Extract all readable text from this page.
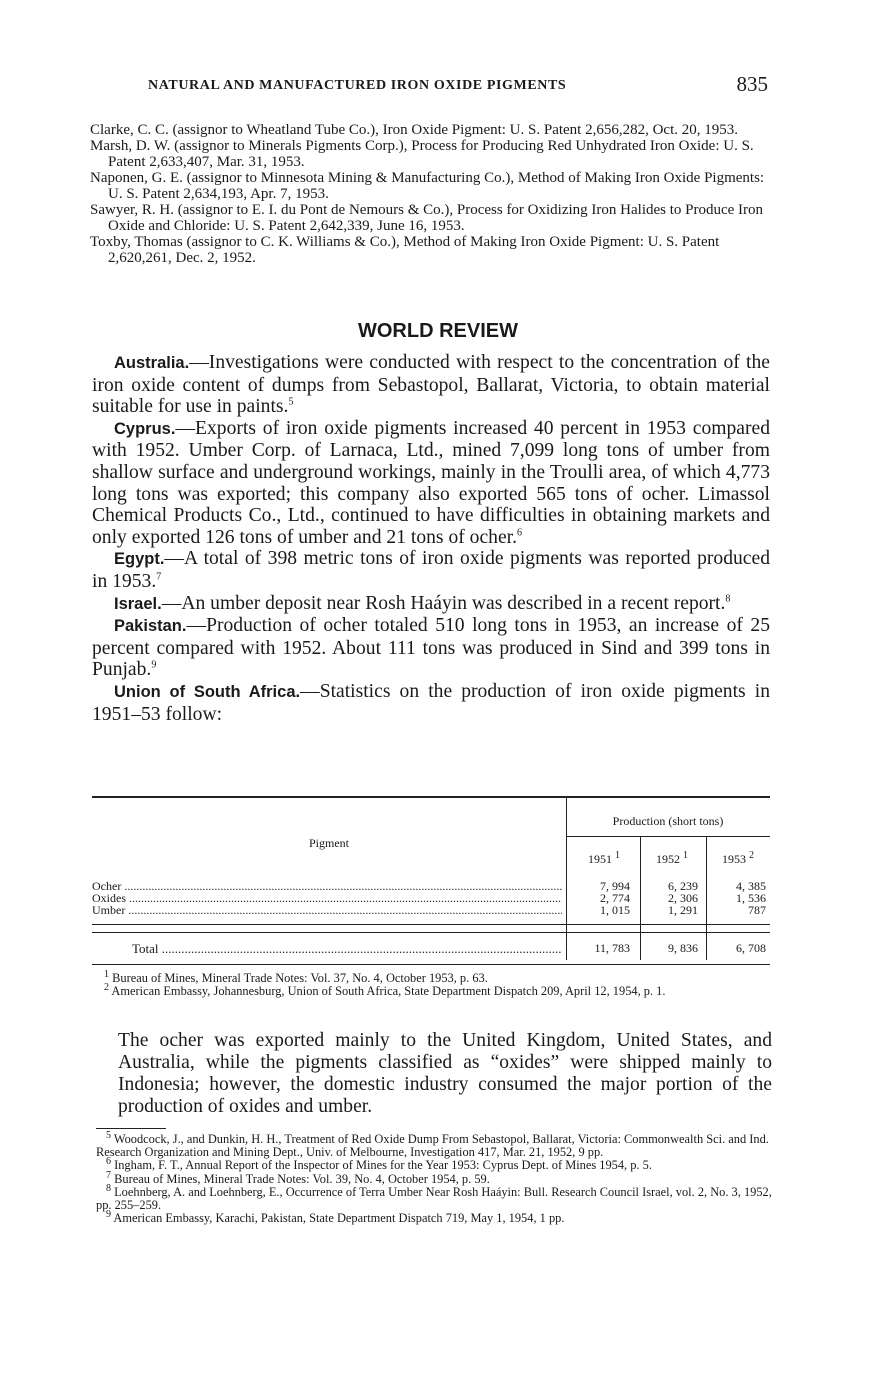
NATURAL AND MANUFACTURED IRON OXIDE PIGMENTS	835
Clarke, C. C. (assignor to Wheatland Tube Co.), Iron Oxide Pigment: U. S. Patent 2,656,282, Oct. 20, 1953.
Marsh, D. W. (assignor to Minerals Pigments Corp.), Process for Producing Red Unhydrated Iron Oxide: U. S. Patent 2,633,407, Mar. 31, 1953.
Naponen, G. E. (assignor to Minnesota Mining & Manufacturing Co.), Method of Making Iron Oxide Pigments: U. S. Patent 2,634,193, Apr. 7, 1953.
Sawyer, R. H. (assignor to E. I. du Pont de Nemours & Co.), Process for Oxidizing Iron Halides to Produce Iron Oxide and Chloride: U. S. Patent 2,642,339, June 16, 1953.
Toxby, Thomas (assignor to C. K. Williams & Co.), Method of Making Iron Oxide Pigment: U. S. Patent 2,620,261, Dec. 2, 1952.
WORLD REVIEW

Australia.—Investigations were conducted with respect to the concentration of the iron oxide content of dumps from Sebastopol, Ballarat, Victoria, to obtain material suitable for use in paints.$^5$

Cyprus.—Exports of iron oxide pigments increased 40 percent in 1953 compared with 1952. Umber Corp. of Larnaca, Ltd., mined 7,099 long tons of umber from shallow surface and underground workings, mainly in the Troulli area, of which 4,773 long tons was exported; this company also exported 565 tons of ocher. Limassol Chemical Products Co., Ltd., continued to have difficulties in obtaining markets and only exported 126 tons of umber and 21 tons of ocher.$^6$

Egypt.—A total of 398 metric tons of iron oxide pigments was reported produced in 1953.$^7$

Israel.—An umber deposit near Rosh Haáyin was described in a recent report.$^8$

Pakistan.—Production of ocher totaled 510 long tons in 1953, an increase of 25 percent compared with 1952. About 111 tons was produced in Sind and 399 tons in Punjab.$^9$

Union of South Africa.—Statistics on the production of iron oxide pigments in 1951–53 follow:

Pigment
Production (short tons)
1951 $^1$	1952 $^1$	1953 $^2$
Ocher .....	7, 994	6, 239	4, 385
Oxides .....	2, 774	2, 306	1, 536
Umber .....	1, 015	1, 291	787
Total .....	11, 783	9, 836	6, 708
$^1$ Bureau of Mines, Mineral Trade Notes: Vol. 37, No. 4, October 1953, p. 63.
$^2$ American Embassy, Johannesburg, Union of South Africa, State Department Dispatch 209, April 12, 1954, p. 1.

The ocher was exported mainly to the United Kingdom, United States, and Australia, while the pigments classified as “oxides” were shipped mainly to Indonesia; however, the domestic industry consumed the major portion of the production of oxides and umber.

$^5$ Woodcock, J., and Dunkin, H. H., Treatment of Red Oxide Dump From Sebastopol, Ballarat, Victoria: Commonwealth Sci. and Ind. Research Organization and Mining Dept., Univ. of Melbourne, Investigation 417, Mar. 21, 1952, 9 pp.
$^6$ Ingham, F. T., Annual Report of the Inspector of Mines for the Year 1953: Cyprus Dept. of Mines 1954, p. 5.
$^7$ Bureau of Mines, Mineral Trade Notes: Vol. 39, No. 4, October 1954, p. 59.
$^8$ Loehnberg, A. and Loehnberg, E., Occurrence of Terra Umber Near Rosh Haáyin: Bull. Research Council Israel, vol. 2, No. 3, 1952, pp. 255–259.
$^9$ American Embassy, Karachi, Pakistan, State Department Dispatch 719, May 1, 1954, 1 pp.
